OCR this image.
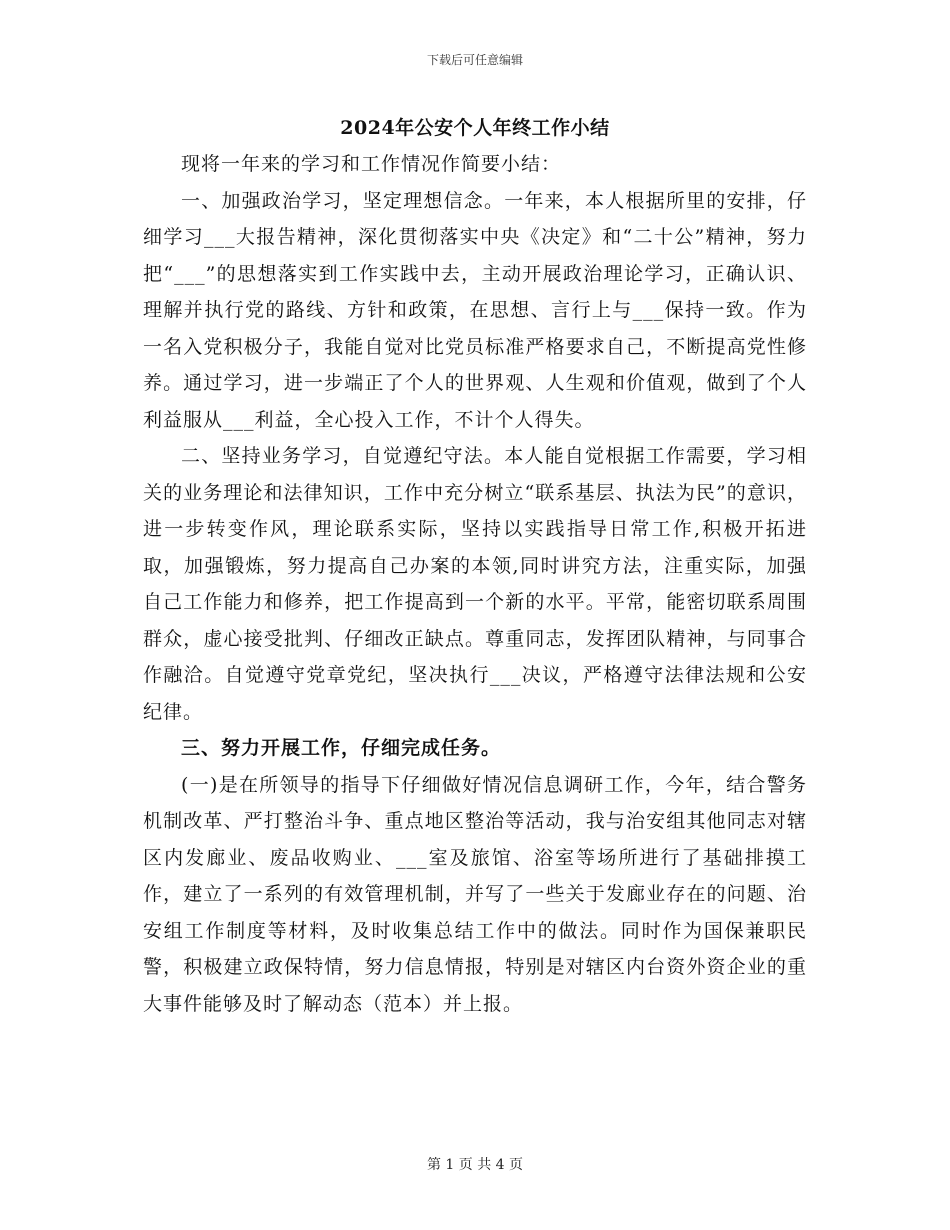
下载后可任意编辑
2024年公安个人年终工作小结

现将一年来的学习和工作情况作简要小结：

一、加强政治学习，坚定理想信念。一年来，本人根据所里的安排，仔细学习___大报告精神，深化贯彻落实中央《决定》和“二十公”精神，努力把“___”的思想落实到工作实践中去，主动开展政治理论学习，正确认识、理解并执行党的路线、方针和政策，在思想、言行上与___保持一致。作为一名入党积极分子，我能自觉对比党员标准严格要求自己，不断提高党性修养。通过学习，进一步端正了个人的世界观、人生观和价值观，做到了个人利益服从___利益，全心投入工作，不计个人得失。

二、坚持业务学习，自觉遵纪守法。本人能自觉根据工作需要，学习相关的业务理论和法律知识，工作中充分树立“联系基层、执法为民”的意识，进一步转变作风，理论联系实际，坚持以实践指导日常工作,积极开拓进取，加强锻炼，努力提高自己办案的本领,同时讲究方法，注重实际，加强自己工作能力和修养，把工作提高到一个新的水平。平常，能密切联系周围群众，虚心接受批判、仔细改正缺点。尊重同志，发挥团队精神，与同事合作融洽。自觉遵守党章党纪，坚决执行___决议，严格遵守法律法规和公安纪律。

三、努力开展工作，仔细完成任务。

(一)是在所领导的指导下仔细做好情况信息调研工作，今年，结合警务机制改革、严打整治斗争、重点地区整治等活动，我与治安组其他同志对辖区内发廊业、废品收购业、___室及旅馆、浴室等场所进行了基础排摸工作，建立了一系列的有效管理机制，并写了一些关于发廊业存在的问题、治安组工作制度等材料，及时收集总结工作中的做法。同时作为国保兼职民警，积极建立政保特情，努力信息情报，特别是对辖区内台资外资企业的重大事件能够及时了解动态（范本）并上报。

第 1 页 共 4 页
